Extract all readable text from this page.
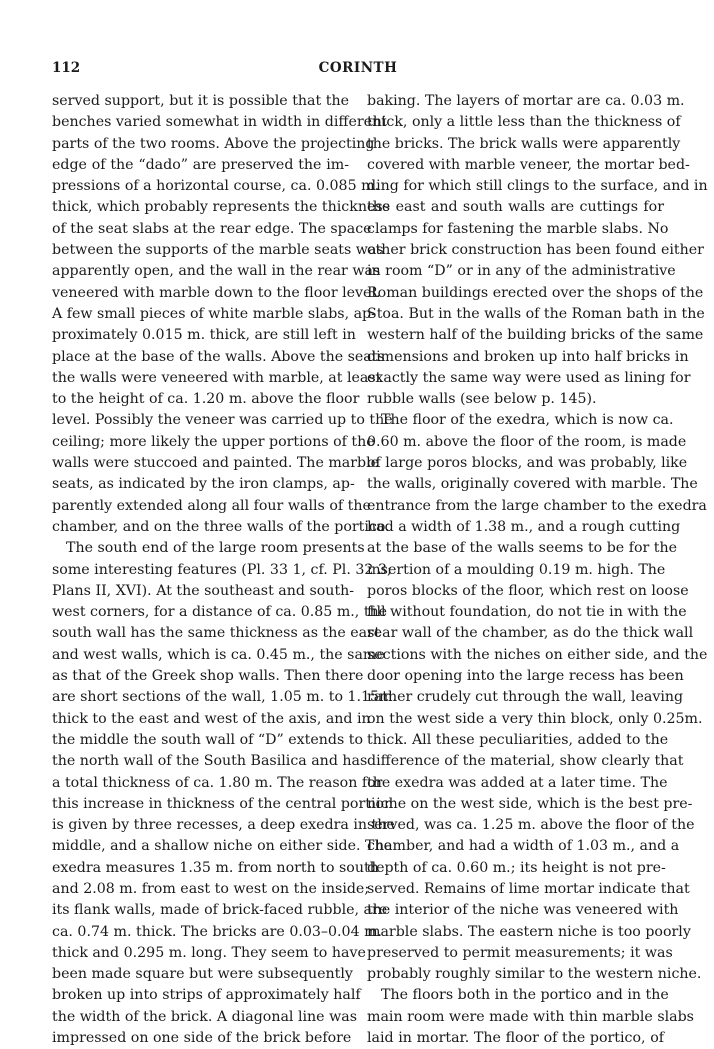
112	CORINTH
served support, but it is possible that the
benches varied somewhat in width in different
parts of the two rooms. Above the projecting
edge of the “dado” are preserved the im-
pressions of a horizontal course, ca. 0.085 m.
thick, which probably represents the thickness
of the seat slabs at the rear edge. The space
between the supports of the marble seats was
apparently open, and the wall in the rear was
veneered with marble down to the floor level.
A few small pieces of white marble slabs, ap-
proximately 0.015 m. thick, are still left in
place at the base of the walls. Above the seats
the walls were veneered with marble, at least
to the height of ca. 1.20 m. above the floor
level. Possibly the veneer was carried up to the
ceiling; more likely the upper portions of the
walls were stuccoed and painted. The marble
seats, as indicated by the iron clamps, ap-
parently extended along all four walls of the
chamber, and on the three walls of the portico.
The south end of the large room presents
some interesting features (Pl. 33 1, cf. Pl. 32 3;
Plans II, XVI). At the southeast and south-
west corners, for a distance of ca. 0.85 m., the
south wall has the same thickness as the east
and west walls, which is ca. 0.45 m., the same
as that of the Greek shop walls. Then there
are short sections of the wall, 1.05 m. to 1.15m.
thick to the east and west of the axis, and in
the middle the south wall of “D” extends to
the north wall of the South Basilica and has
a total thickness of ca. 1.80 m. The reason for
this increase in thickness of the central portion
is given by three recesses, a deep exedra in the
middle, and a shallow niche on either side. The
exedra measures 1.35 m. from north to south
and 2.08 m. from east to west on the inside;
its flank walls, made of brick-faced rubble, are
ca. 0.74 m. thick. The bricks are 0.03–0.04 m.
thick and 0.295 m. long. They seem to have
been made square but were subsequently
broken up into strips of approximately half
the width of the brick. A diagonal line was
impressed on one side of the brick before
baking. The layers of mortar are ca. 0.03 m.
thick, only a little less than the thickness of
the bricks. The brick walls were apparently
covered with marble veneer, the mortar bed-
ding for which still clings to the surface, and in
the east and south walls are cuttings for
clamps for fastening the marble slabs. No
other brick construction has been found either
in room “D” or in any of the administrative
Roman buildings erected over the shops of the
Stoa. But in the walls of the Roman bath in the
western half of the building bricks of the same
dimensions and broken up into half bricks in
exactly the same way were used as lining for
rubble walls (see below p. 145).
The floor of the exedra, which is now ca.
0.60 m. above the floor of the room, is made
of large poros blocks, and was probably, like
the walls, originally covered with marble. The
entrance from the large chamber to the exedra
had a width of 1.38 m., and a rough cutting
at the base of the walls seems to be for the
insertion of a moulding 0.19 m. high. The
poros blocks of the floor, which rest on loose
fill without foundation, do not tie in with the
rear wall of the chamber, as do the thick wall
sections with the niches on either side, and the
door opening into the large recess has been
rather crudely cut through the wall, leaving
on the west side a very thin block, only 0.25m.
thick. All these peculiarities, added to the
difference of the material, show clearly that
the exedra was added at a later time. The
niche on the west side, which is the best pre-
served, was ca. 1.25 m. above the floor of the
chamber, and had a width of 1.03 m., and a
depth of ca. 0.60 m.; its height is not pre-
served. Remains of lime mortar indicate that
the interior of the niche was veneered with
marble slabs. The eastern niche is too poorly
preserved to permit measurements; it was
probably roughly similar to the western niche.
The floors both in the portico and in the
main room were made with thin marble slabs
laid in mortar. The floor of the portico, of
